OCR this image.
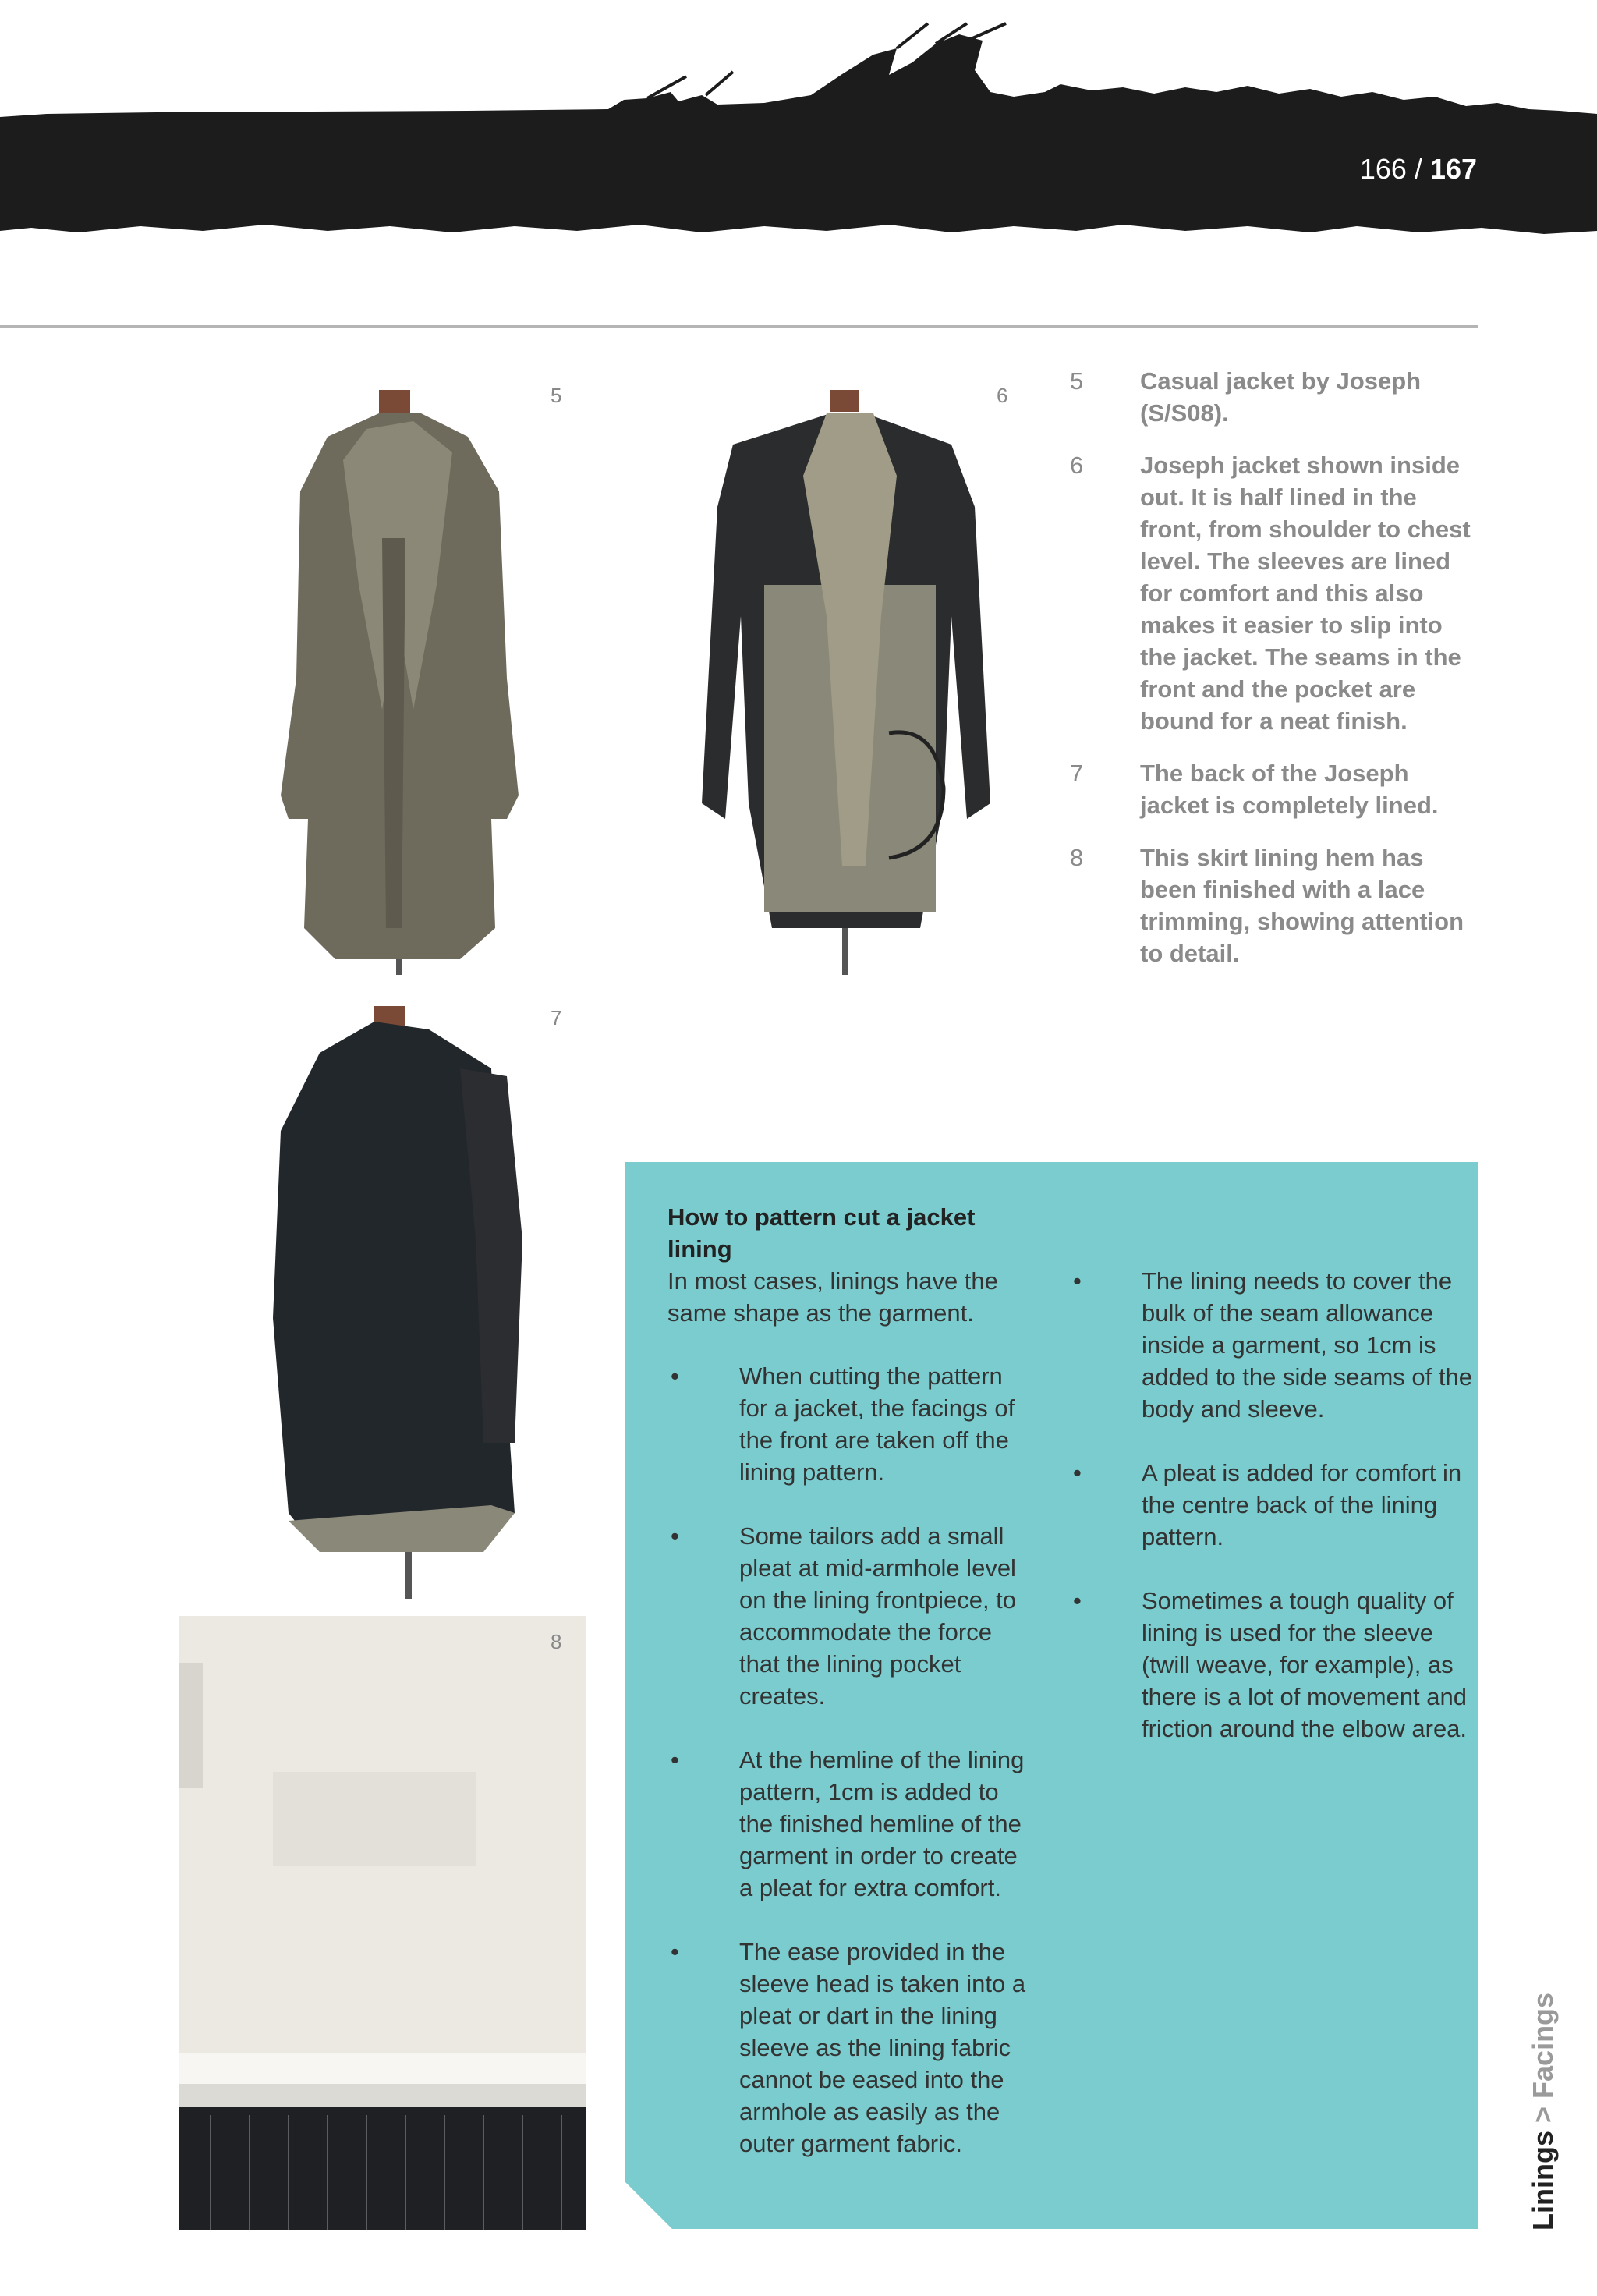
166 / 167
5	6
7
8
5	Casual jacket by Joseph (S/S08).
6	Joseph jacket shown inside out. It is half lined in the front, from shoulder to chest level. The sleeves are lined for comfort and this also makes it easier to slip into the jacket. The seams in the front and the pocket are bound for a neat finish.
7	The back of the Joseph jacket is completely lined.
8	This skirt lining hem has been finished with a lace trimming, showing attention to detail.
How to pattern cut a jacket lining
In most cases, linings have the same shape as the garment.
•	When cutting the pattern for a jacket, the facings of the front are taken off the lining pattern.
•	Some tailors add a small pleat at mid-armhole level on the lining frontpiece, to accommodate the force that the lining pocket creates.
•	At the hemline of the lining pattern, 1cm is added to the finished hemline of the garment in order to create a pleat for extra comfort.
•	The ease provided in the sleeve head is taken into a pleat or dart in the lining sleeve as the lining fabric cannot be eased into the armhole as easily as the outer garment fabric.
•	The lining needs to cover the bulk of the seam allowance inside a garment, so 1cm is added to the side seams of the body and sleeve.
•	A pleat is added for comfort in the centre back of the lining pattern.
•	Sometimes a tough quality of lining is used for the sleeve (twill weave, for example), as there is a lot of movement and friction around the elbow area.
Linings > Facings
